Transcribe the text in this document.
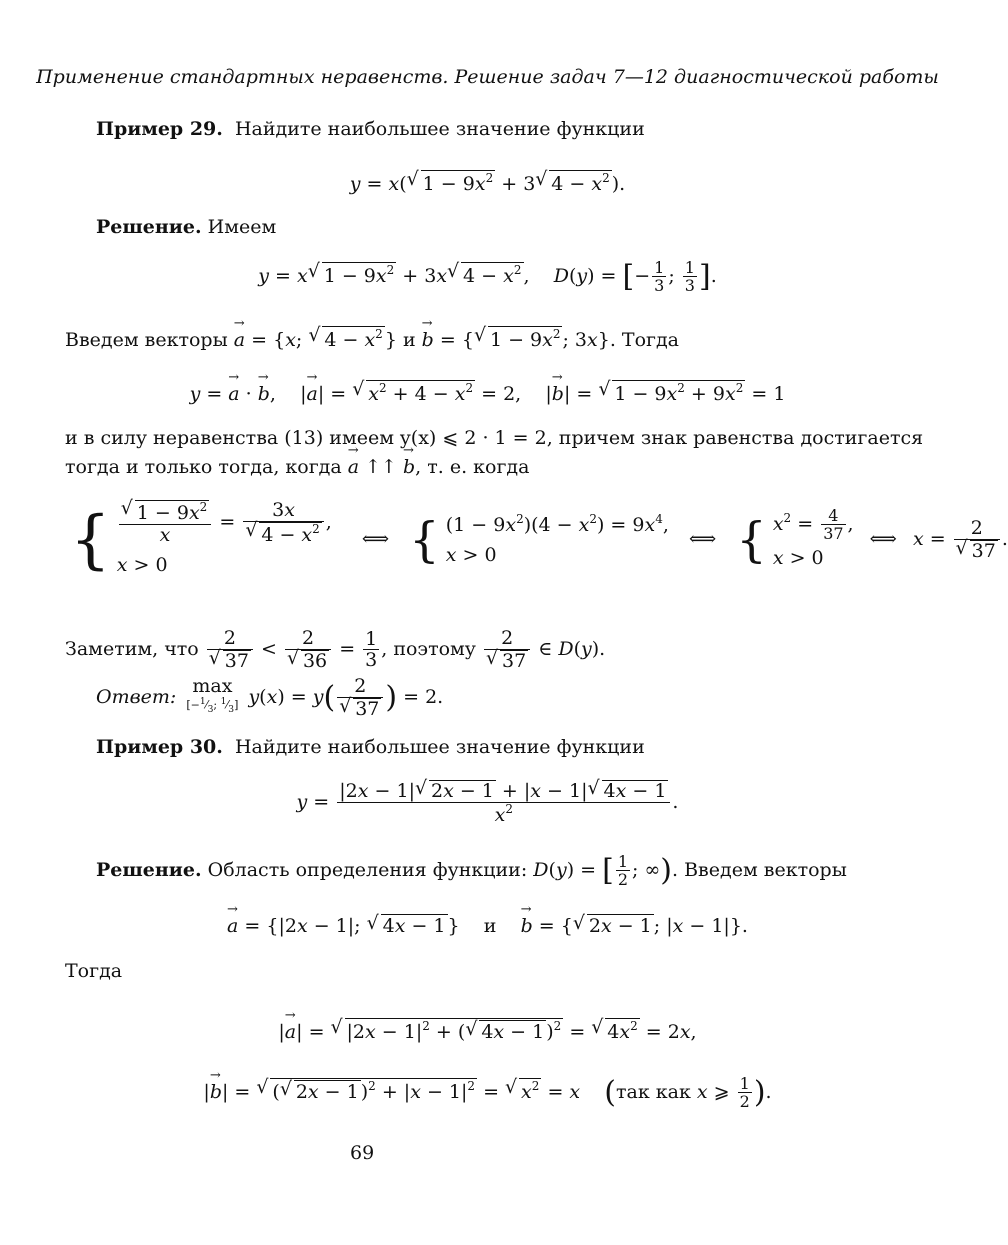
Применение стандартных неравенств. Решение задач 7—12 диагностической работы
Пример 29. Найдите наибольшее значение функции
y = x(√ $1 - 9x^2 + 3√$ $4 - x^2$ ).
Решение. Имеем
y = x√ $1 - 9x^2 + 3x√$ $4 - x^2$ ,    D(y) = [− $\frac{1}{3}$ ; $\frac{1}{3}$ ].
Введем векторы → a = {x; √ $4 - x^2$ } и → b = {√ $1 - 9x^2$ ; 3x}. Тогда
y = → a · → b,    |→ a| = √ $x^2 + 4 - x^2 = 2$,    |→ b| = √ $1 - 9x^2 + 9x^2 = 1$
и в силу неравенства (13) имеем y(x) ⩽ 2 · 1 = 2, причем знак равенства достигается
тогда и только тогда, когда → a ↑↑ → b, т. е. когда
{
√ $\frac{1 - 9x^2}{x} = 3x$
√ $4 - x^2$ ,
x > 0
⟺ { $(1 - 9x^2)(4 - x^2) = 9x^4$,
x > 0
⟺ { $x^2 = \frac{4}{37}$ ,
x > 0
⟺ x = 2
√ 37 .
Заметим, что 2
√ 37 < 2
√ $36 = \frac{1}{3}$ , поэтому 2
√ 37 ∈ D(y).
Ответ: max
[$-^1⁄_3$; $^1⁄_3$] y(x) = y( 2
√ 37 ) = 2.
Пример 30. Найдите наибольшее значение функции
$y = \frac{|2x - 1|√ 2x - 1 + |x - 1|√ 4x - 1}{x^2}$ .
Решение. Область определения функции: D(y) = [ $\frac{1}{2}$ ; ∞). Введем векторы
→ a = {|2x − 1|; √ 4x − 1 }    и    → b = {√ 2x − 1 ; |x − 1|}.
Тогда
|→ a| = √ $|2x - 1|^2$ + (√ 4x − 1 )$^2$ = √ $4x^2 = 2x$,
|→ b| = √ (√ 2x − 1 )$^2 + |x - 1|^2$ = √ $x^2 = x$ (так как x ⩾ $\frac{1}{2}$ ).
69
